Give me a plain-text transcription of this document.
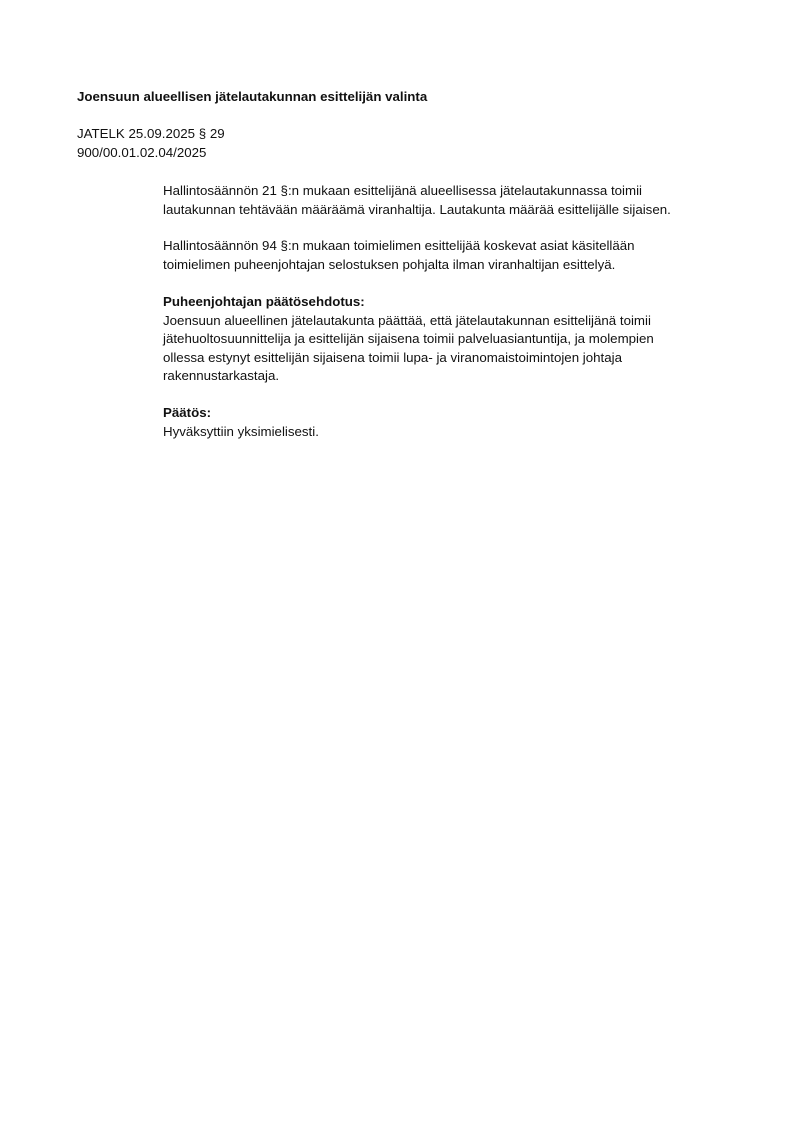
Joensuun alueellisen jätelautakunnan esittelijän valinta
JATELK 25.09.2025 § 29
900/00.01.02.04/2025
Hallintosäännön 21 §:n mukaan esittelijänä alueellisessa jätelautakunnassa toimii
lautakunnan tehtävään määräämä viranhaltija. Lautakunta määrää esittelijälle sijaisen.
Hallintosäännön 94 §:n mukaan toimielimen esittelijää koskevat asiat käsitellään
toimielimen puheenjohtajan selostuksen pohjalta ilman viranhaltijan esittelyä.
Puheenjohtajan päätösehdotus:
Joensuun alueellinen jätelautakunta päättää, että jätelautakunnan esittelijänä toimii
jätehuoltosuunnittelija ja esittelijän sijaisena toimii palveluasiantuntija, ja molempien
ollessa estynyt esittelijän sijaisena toimii lupa- ja viranomaistoimintojen johtaja
rakennustarkastaja.
Päätös:
Hyväksyttiin yksimielisesti.
